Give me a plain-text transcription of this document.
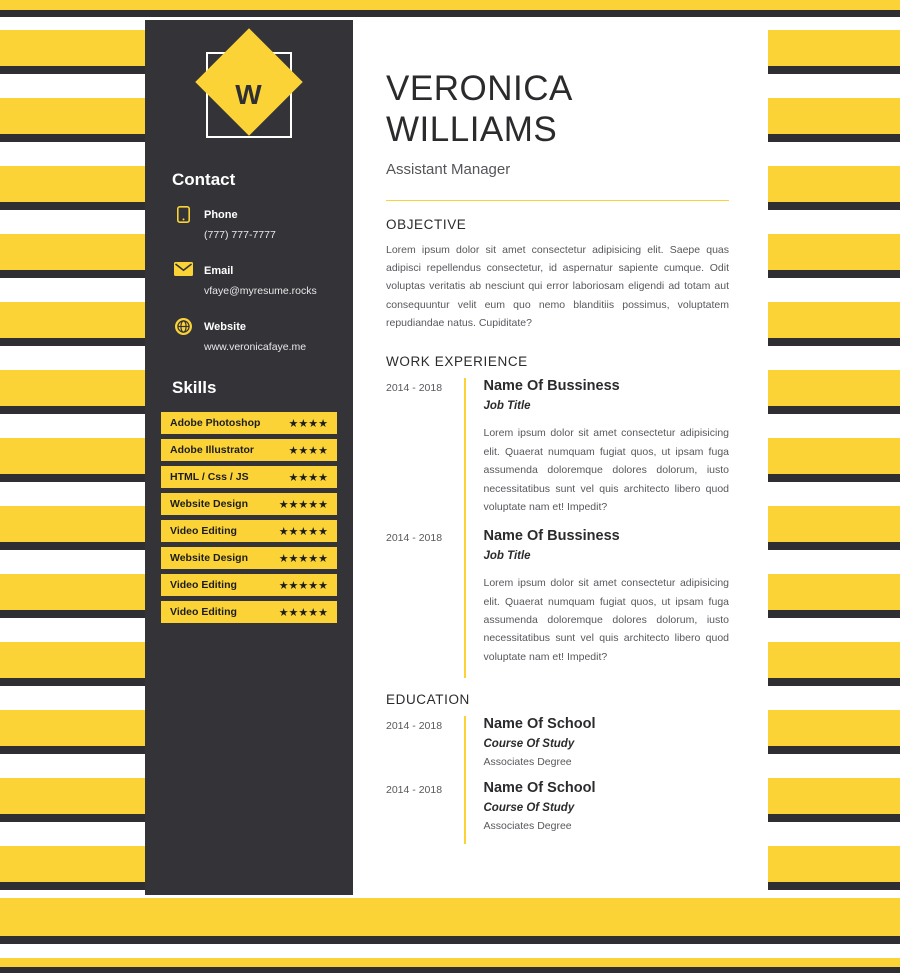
W
Contact
Phone
(777) 777-7777
Email
vfaye@myresume.rocks
Website
www.veronicafaye.me
Skills
Adobe Photoshop	★★★★
Adobe Illustrator	★★★★
HTML / Css / JS	★★★★
Website Design	★★★★★
Video Editing	★★★★★
Website Design	★★★★★
Video Editing	★★★★★
Video Editing	★★★★★
VERONICA
WILLIAMS

Assistant Manager

OBJECTIVE

Lorem ipsum dolor sit amet consectetur adipisicing elit. Saepe quas adipisci repellendus consectetur, id aspernatur sapiente cumque. Odit voluptas veritatis ab nesciunt qui error laboriosam eligendi ad totam aut consequuntur velit eum quo nemo blanditiis possimus, voluptatem repudiandae natus. Cupiditate?

WORK EXPERIENCE
2014 - 2018	Name Of Bussiness

Job Title

Lorem ipsum dolor sit amet consectetur adipisicing elit. Quaerat numquam fugiat quos, ut ipsam fuga assumenda doloremque dolores dolorum, iusto necessitatibus sunt vel quis architecto libero quod voluptate nam et! Impedit?

2014 - 2018	Name Of Bussiness

Job Title

Lorem ipsum dolor sit amet consectetur adipisicing elit. Quaerat numquam fugiat quos, ut ipsam fuga assumenda doloremque dolores dolorum, iusto necessitatibus sunt vel quis architecto libero quod voluptate nam et! Impedit?

EDUCATION
2014 - 2018	Name Of School

Course Of Study

Associates Degree

2014 - 2018	Name Of School

Course Of Study

Associates Degree
